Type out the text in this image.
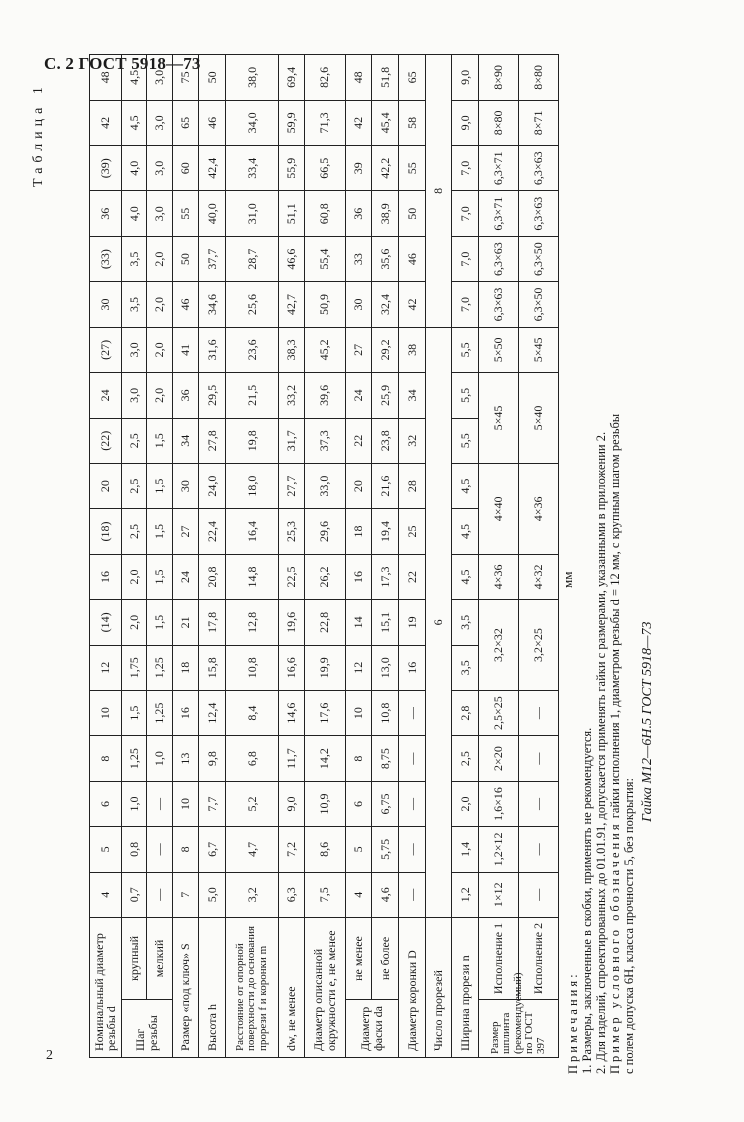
С. 2 ГОСТ 5918—73
2
Таблица 1
мм
Номинальный диаметр резьбы d		4	5	6	8	10	12	(14)	16	(18)	20	(22)	24	(27)	30	(33)	36	(39)	42	48
Шаг резьбы	крупный	0,7	0,8	1,0	1,25	1,5	1,75	2,0	2,0	2,5	2,5	2,5	3,0	3,0	3,5	3,5	4,0	4,0	4,5	4,5
	мелкий	—	—	—	1,0	1,25	1,25	1,5	1,5	1,5	1,5	1,5	2,0	2,0	2,0	2,0	3,0	3,0	3,0	3,0
Размер «под ключ» S		7	8	10	13	16	18	21	24	27	30	34	36	41	46	50	55	60	65	75
Высота h		5,0	6,7	7,7	9,8	12,4	15,8	17,8	20,8	22,4	24,0	27,8	29,5	31,6	34,6	37,7	40,0	42,4	46	50
Расстояние от опорной поверхности до основания прорези f и коронки m		3,2	4,7	5,2	6,8	8,4	10,8	12,8	14,8	16,4	18,0	19,8	21,5	23,6	25,6	28,7	31,0	33,4	34,0	38,0
dw, не менее		6,3	7,2	9,0	11,7	14,6	16,6	19,6	22,5	25,3	27,7	31,7	33,2	38,3	42,7	46,6	51,1	55,9	59,9	69,4
Диаметр описанной окружности e, не менее		7,5	8,6	10,9	14,2	17,6	19,9	22,8	26,2	29,6	33,0	37,3	39,6	45,2	50,9	55,4	60,8	66,5	71,3	82,6
Диаметр фаски da	не менее	4	5	6	8	10	12	14	16	18	20	22	24	27	30	33	36	39	42	48
	не более	4,6	5,75	6,75	8,75	10,8	13,0	15,1	17,3	19,4	21,6	23,8	25,9	29,2	32,4	35,6	38,9	42,2	45,4	51,8
Диаметр коронки D		—	—	—	—	—	16	19	22	25	28	32	34	38	42	46	50	55	58	65
Число прорезей		6													8					
Ширина прорези n		1,2	1,4	2,0	2,5	2,8	3,5	3,5	4,5	4,5	4,5	5,5	5,5	5,5	7,0	7,0	7,0	7,0	9,0	9,0
Размер шплинта (рекомендуемый) по ГОСТ 397	Исполнение 1	1×12	1,2×12	1,6×16	2×20	2,5×25	3,2×32		4×36	4×40		5×45		5×50	6,3×63	6,3×63	6,3×71	6,3×71	8×80	8×90
	Исполнение 2	—	—	—	—	—	3,2×25		4×32	4×36		5×40		5×45	6,3×50	6,3×50	6,3×63	6,3×63	8×71	8×80
Примечания: 1. Размеры, заключенные в скобки, применять не рекомендуется. 2. Для изделий, спроектированных до 01.01.91, допускается применять гайки с размерами, указанными в приложении 2. Пример условного обозначения гайки исполнения 1, диаметром резьбы d = 12 мм, с крупным шагом резьбы
с полем допуска 6H, класса прочности 5, без покрытия:
Гайка М12—6H.5 ГОСТ 5918—73
